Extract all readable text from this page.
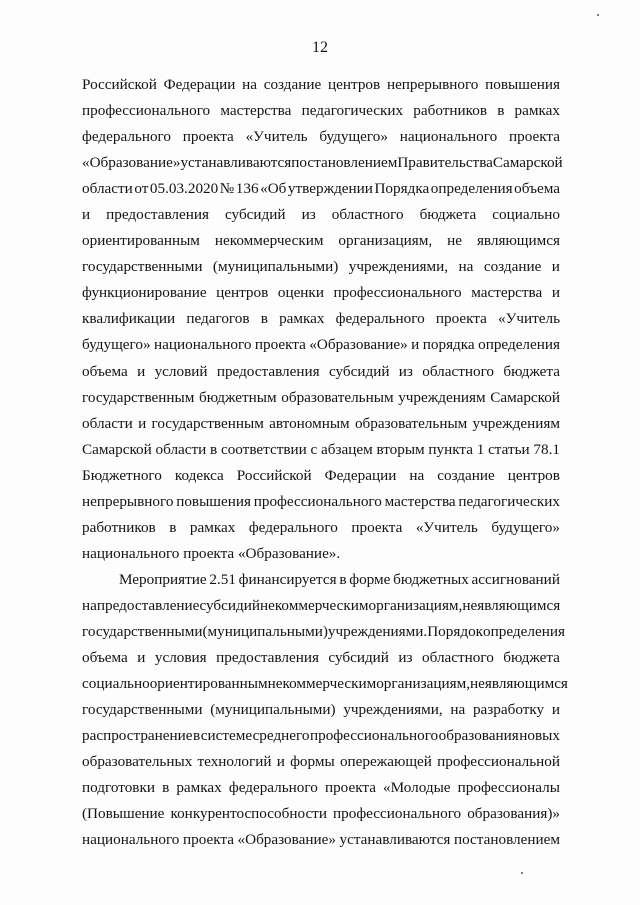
12
Российской Федерации на создание центров непрерывного повышения
профессионального мастерства педагогических работников в рамках
федерального проекта «Учитель будущего» национального проекта
«Образование» устанавливаются постановлением Правительства Самарской
области от 05.03.2020 № 136 «Об утверждении Порядка определения объема
и предоставления субсидий из областного бюджета социально
ориентированным некоммерческим организациям, не являющимся
государственными (муниципальными) учреждениями, на создание и
функционирование центров оценки профессионального мастерства и
квалификации педагогов в рамках федерального проекта «Учитель
будущего» национального проекта «Образование» и порядка определения
объема и условий предоставления субсидий из областного бюджета
государственным бюджетным образовательным учреждениям Самарской
области и государственным автономным образовательным учреждениям
Самарской области в соответствии с абзацем вторым пункта 1 статьи 78.1
Бюджетного кодекса Российской Федерации на создание центров
непрерывного повышения профессионального мастерства педагогических
работников в рамках федерального проекта «Учитель будущего»
национального проекта «Образование».
Мероприятие 2.51 финансируется в форме бюджетных ассигнований
на предоставление субсидий некоммерческим организациям, не являющимся
государственными (муниципальными) учреждениями. Порядок определения
объема и условия предоставления субсидий из областного бюджета
социально ориентированным некоммерческим организациям, не являющимся
государственными (муниципальными) учреждениями, на разработку и
распространение в системе среднего профессионального образования новых
образовательных технологий и формы опережающей профессиональной
подготовки в рамках федерального проекта «Молодые профессионалы
(Повышение конкурентоспособности профессионального образования)»
национального проекта «Образование» устанавливаются постановлением
